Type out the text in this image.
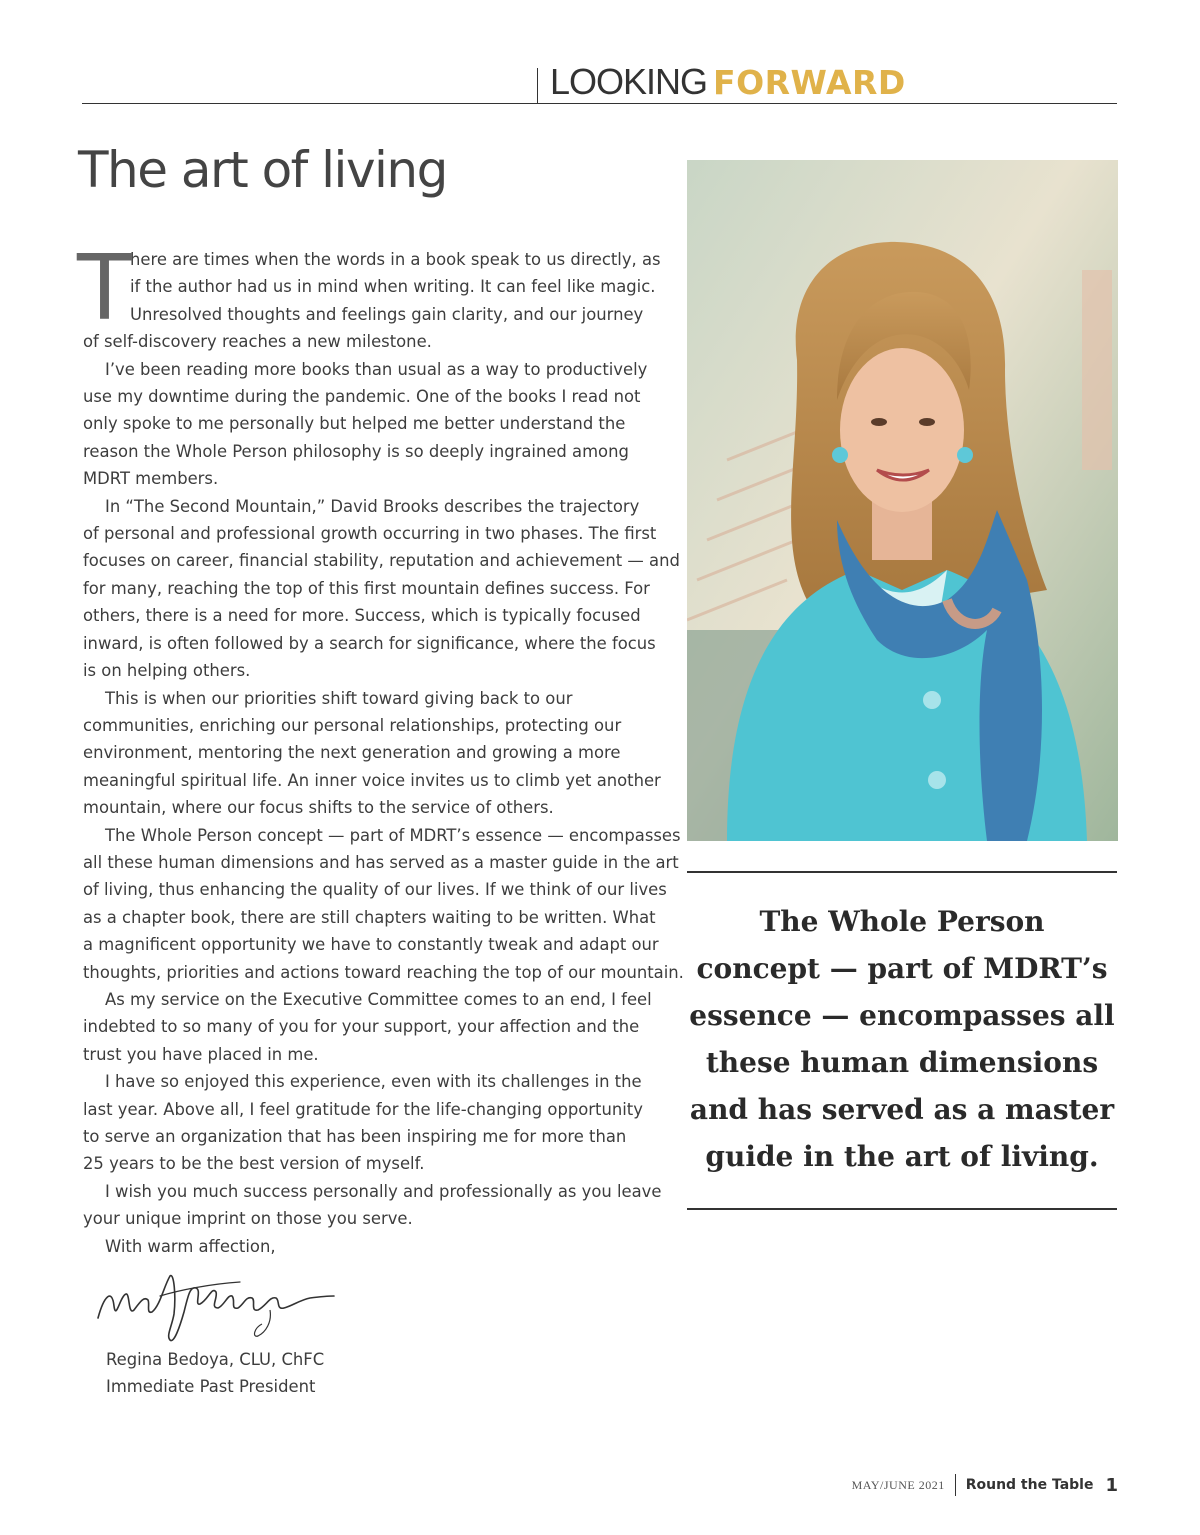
LOOKING FORWARD
The art of living
T
here are times when the words in a book speak to us directly, as
if the author had us in mind when writing. It can feel like magic.
Unresolved thoughts and feelings gain clarity, and our journey
of self-discovery reaches a new milestone.
I’ve been reading more books than usual as a way to productively
use my downtime during the pandemic. One of the books I read not
only spoke to me personally but helped me better understand the
reason the Whole Person philosophy is so deeply ingrained among
MDRT members.
In “The Second Mountain,” David Brooks describes the trajectory
of personal and professional growth occurring in two phases. The first
focuses on career, financial stability, reputation and achievement — and
for many, reaching the top of this first mountain defines success. For
others, there is a need for more. Success, which is typically focused
inward, is often followed by a search for significance, where the focus
is on helping others.
This is when our priorities shift toward giving back to our
communities, enriching our personal relationships, protecting our
environment, mentoring the next generation and growing a more
meaningful spiritual life. An inner voice invites us to climb yet another
mountain, where our focus shifts to the service of others.
The Whole Person concept — part of MDRT’s essence — encompasses
all these human dimensions and has served as a master guide in the art
of living, thus enhancing the quality of our lives. If we think of our lives
as a chapter book, there are still chapters waiting to be written. What
a magnificent opportunity we have to constantly tweak and adapt our
thoughts, priorities and actions toward reaching the top of our mountain.
As my service on the Executive Committee comes to an end, I feel
indebted to so many of you for your support, your affection and the
trust you have placed in me.
I have so enjoyed this experience, even with its challenges in the
last year. Above all, I feel gratitude for the life-changing opportunity
to serve an organization that has been inspiring me for more than
25 years to be the best version of myself.
I wish you much success personally and professionally as you leave
your unique imprint on those you serve.
With warm affection,
Regina Bedoya, CLU, ChFC
Immediate Past President
The Whole Person
concept — part of MDRT’s
essence — encompasses all
these human dimensions
and has served as a master
guide in the art of living.
MAY/JUNE 2021 Round the Table 1
